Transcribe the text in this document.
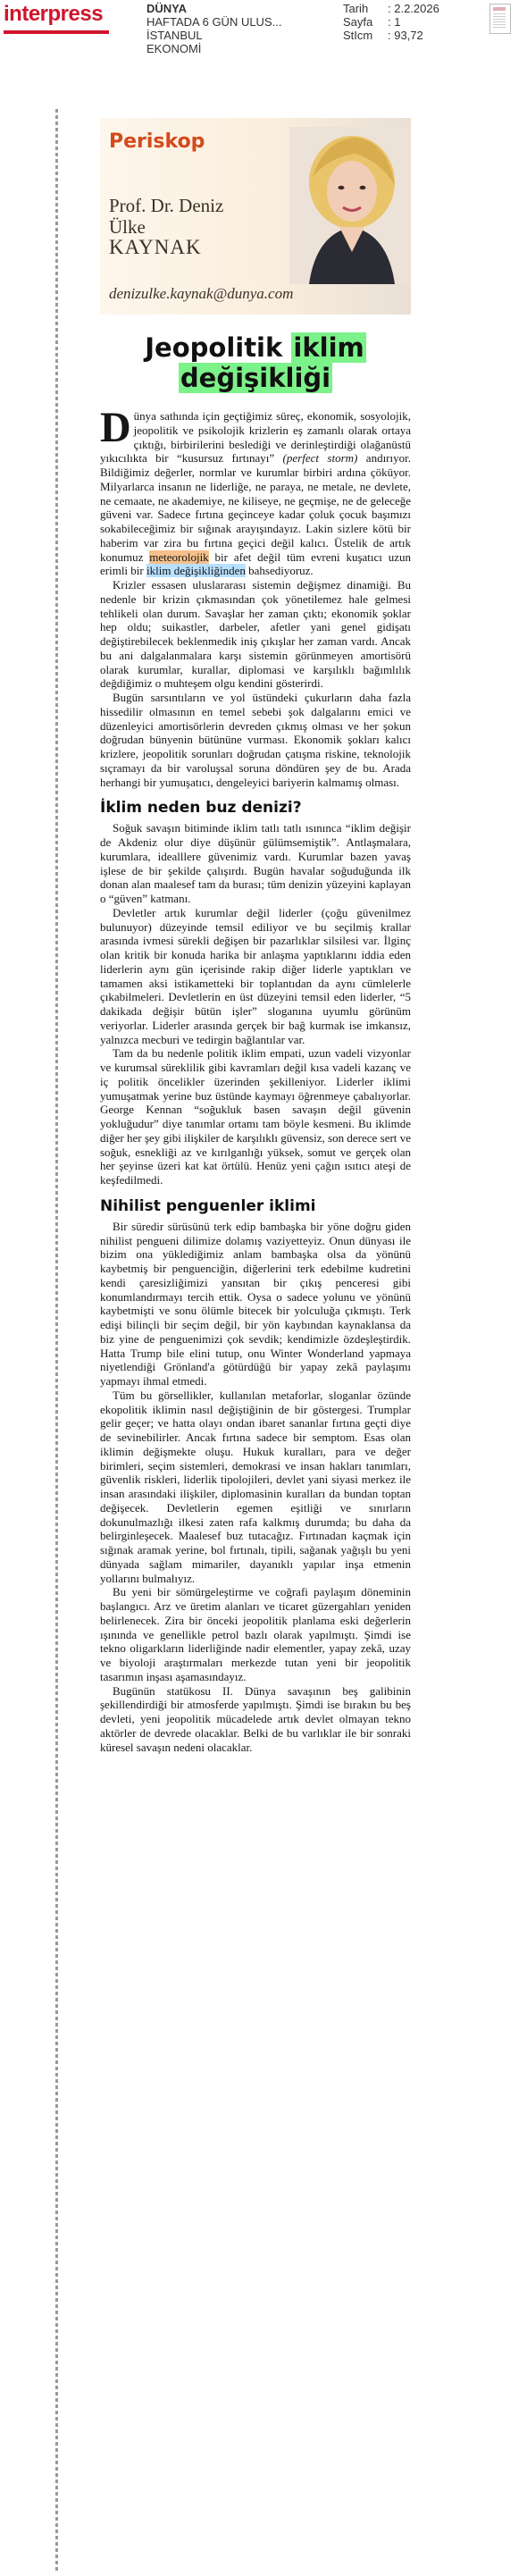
interpress	DÜNYA
HAFTADA 6 GÜN ULUS...
İSTANBUL
EKONOMİ
Tarih	: 2.2.2026
Sayfa	: 1
StIcm	: 93,72
Periskop
Prof. Dr. Deniz
Ülke
KAYNAK
denizulke.kaynak@dunya.com
Jeopolitik iklim
değişikliği

Dünya sathında için geçtiğimiz süreç, ekonomik, sosyolojik, jeopolitik ve psikolojik krizlerin eş zamanlı olarak ortaya çıktığı, birbirilerini beslediği ve derinleştirdiği olağanüstü yıkıcılıkta bir “kusursuz fırtınayı” (perfect storm) andırıyor. Bildiğimiz değerler, normlar ve kurumlar birbiri ardına çöküyor. Milyarlarca insanın ne liderliğe, ne paraya, ne metale, ne devlete, ne cemaate, ne akademiye, ne kiliseye, ne geçmişe, ne de geleceğe güveni var. Sadece fırtına geçinceye kadar çoluk çocuk başımızı sokabileceğimiz bir sığınak arayışındayız. Lakin sizlere kötü bir haberim var zira bu fırtına geçici değil kalıcı. Üstelik de artık konumuz meteorolojik bir afet değil tüm evreni kuşatıcı uzun erimli bir iklim değişikliğinden bahsediyoruz.

Krizler essasen uluslararası sistemin değişmez dinamiği. Bu nedenle bir krizin çıkmasından çok yönetilemez hale gelmesi tehlikeli olan durum. Savaşlar her zaman çıktı; ekonomik şoklar hep oldu; suikastler, darbeler, afetler yani genel gidişatı değiştirebilecek beklenmedik iniş çıkışlar her zaman vardı. Ancak bu ani dalgalanmalara karşı sistemin görünmeyen amortisörü olarak kurumlar, kurallar, diplomasi ve karşılıklı bağımlılık değdiğimiz o muhteşem olgu kendini gösterirdi.

Bugün sarsıntıların ve yol üstündeki çukurların daha fazla hissedilir olmasının en temel sebebi şok dalgalarını emici ve düzenleyici amortisörlerin devreden çıkmış olması ve her şokun doğrudan bünyenin bütününe vurması. Ekonomik şokları kalıcı krizlere, jeopolitik sorunları doğrudan çatışma riskine, teknolojik sıçramayı da bir varoluşsal soruna döndüren şey de bu. Arada herhangi bir yumuşatıcı, dengeleyici bariyerin kalmamış olması.

İklim neden buz denizi?

Soğuk savaşın bitiminde iklim tatlı tatlı ısınınca “iklim değişir de Akdeniz olur diye düşünür gülümsemiştik”. Antlaşmalara, kurumlara, idealllere güvenimiz vardı. Kurumlar bazen yavaş işlese de bir şekilde çalışırdı. Bugün havalar soğuduğunda ilk donan alan maalesef tam da burası; tüm denizin yüzeyini kaplayan o “güven” katmanı.

Devletler artık kurumlar değil liderler (çoğu güvenilmez bulunuyor) düzeyinde temsil ediliyor ve bu seçilmiş krallar arasında ivmesi sürekli değişen bir pazarlıklar silsilesi var. İlginç olan kritik bir konuda harika bir anlaşma yaptıklarını iddia eden liderlerin aynı gün içerisinde rakip diğer liderle yaptıkları ve tamamen aksi istikametteki bir toplantıdan da aynı cümlelerle çıkabilmeleri. Devletlerin en üst düzeyini temsil eden liderler, “5 dakikada değişir bütün işler” sloganına uyumlu görünüm veriyorlar. Liderler arasında gerçek bir bağ kurmak ise imkansız, yalnızca mecburi ve tedirgin bağlantılar var.

Tam da bu nedenle politik iklim empati, uzun vadeli vizyonlar ve kurumsal süreklilik gibi kavramları değil kısa vadeli kazanç ve iç politik öncelikler üzerinden şekilleniyor. Liderler iklimi yumuşatmak yerine buz üstünde kaymayı öğrenmeye çabalıyorlar. George Kennan “soğukluk basen savaşın değil güvenin yokluğudur” diye tanımlar ortamı tam böyle kesmeni. Bu iklimde diğer her şey gibi ilişkiler de karşılıklı güvensiz, son derece sert ve soğuk, esnekliği az ve kırılganlığı yüksek, somut ve gerçek olan her şeyinse üzeri kat kat örtülü. Henüz yeni çağın ısıtıcı ateşi de keşfedilmedi.

Nihilist penguenler iklimi

Bir süredir sürüsünü terk edip bambaşka bir yöne doğru giden nihilist pengueni dilimize dolamış vaziyetteyiz. Onun dünyası ile bizim ona yüklediğimiz anlam bambaşka olsa da yönünü kaybetmiş bir penguenciğin, diğerlerini terk edebilme kudretini kendi çaresizliğimizi yansıtan bir çıkış penceresi gibi konumlandırmayı tercih ettik. Oysa o sadece yolunu ve yönünü kaybetmişti ve sonu ölümle bitecek bir yolculuğa çıkmıştı. Terk edişi bilinçli bir seçim değil, bir yön kaybından kaynaklansa da biz yine de penguenimizi çok sevdik; kendimizle özdeşleştirdik. Hatta Trump bile elini tutup, onu Winter Wonderland yapmaya niyetlendiği Grönland'a götürdüğü bir yapay zekâ paylaşımı yapmayı ihmal etmedi.

Tüm bu görsellikler, kullanılan metaforlar, sloganlar özünde ekopolitik iklimin nasıl değiştiğinin de bir göstergesi. Trumplar gelir geçer; ve hatta olayı ondan ibaret sananlar fırtına geçti diye de sevinebilirler. Ancak fırtına sadece bir semptom. Esas olan iklimin değişmekte oluşu. Hukuk kuralları, para ve değer birimleri, seçim sistemleri, demokrasi ve insan hakları tanımları, güvenlik riskleri, liderlik tipolojileri, devlet yani siyasi merkez ile insan arasındaki ilişkiler, diplomasinin kuralları da bundan toptan değişecek. Devletlerin egemen eşitliği ve sınırların dokunulmazlığı ilkesi zaten rafa kalkmış durumda; bu daha da belirginleşecek. Maalesef buz tutacağız. Fırtınadan kaçmak için sığınak aramak yerine, bol fırtınalı, tipili, sağanak yağışlı bu yeni dünyada sağlam mimariler, dayanıklı yapılar inşa etmenin yollarını bulmalıyız.

Bu yeni bir sömürgeleştirme ve coğrafi paylaşım döneminin başlangıcı. Arz ve üretim alanları ve ticaret güzergahları yeniden belirlenecek. Zira bir önceki jeopolitik planlama eski değerlerin ışınında ve genellikle petrol bazlı olarak yapılmıştı. Şimdi ise tekno oligarkların liderliğinde nadir elementler, yapay zekâ, uzay ve biyoloji araştırmaları merkezde tutan yeni bir jeopolitik tasarımın inşası aşamasındayız.

Bugünün statükosu II. Dünya savaşının beş galibinin şekillendirdiği bir atmosferde yapılmıştı. Şimdi ise bırakın bu beş devleti, yeni jeopolitik mücadelede artık devlet olmayan tekno aktörler de devrede olacaklar. Belki de bu varlıklar ile bir sonraki küresel savaşın nedeni olacaklar.
